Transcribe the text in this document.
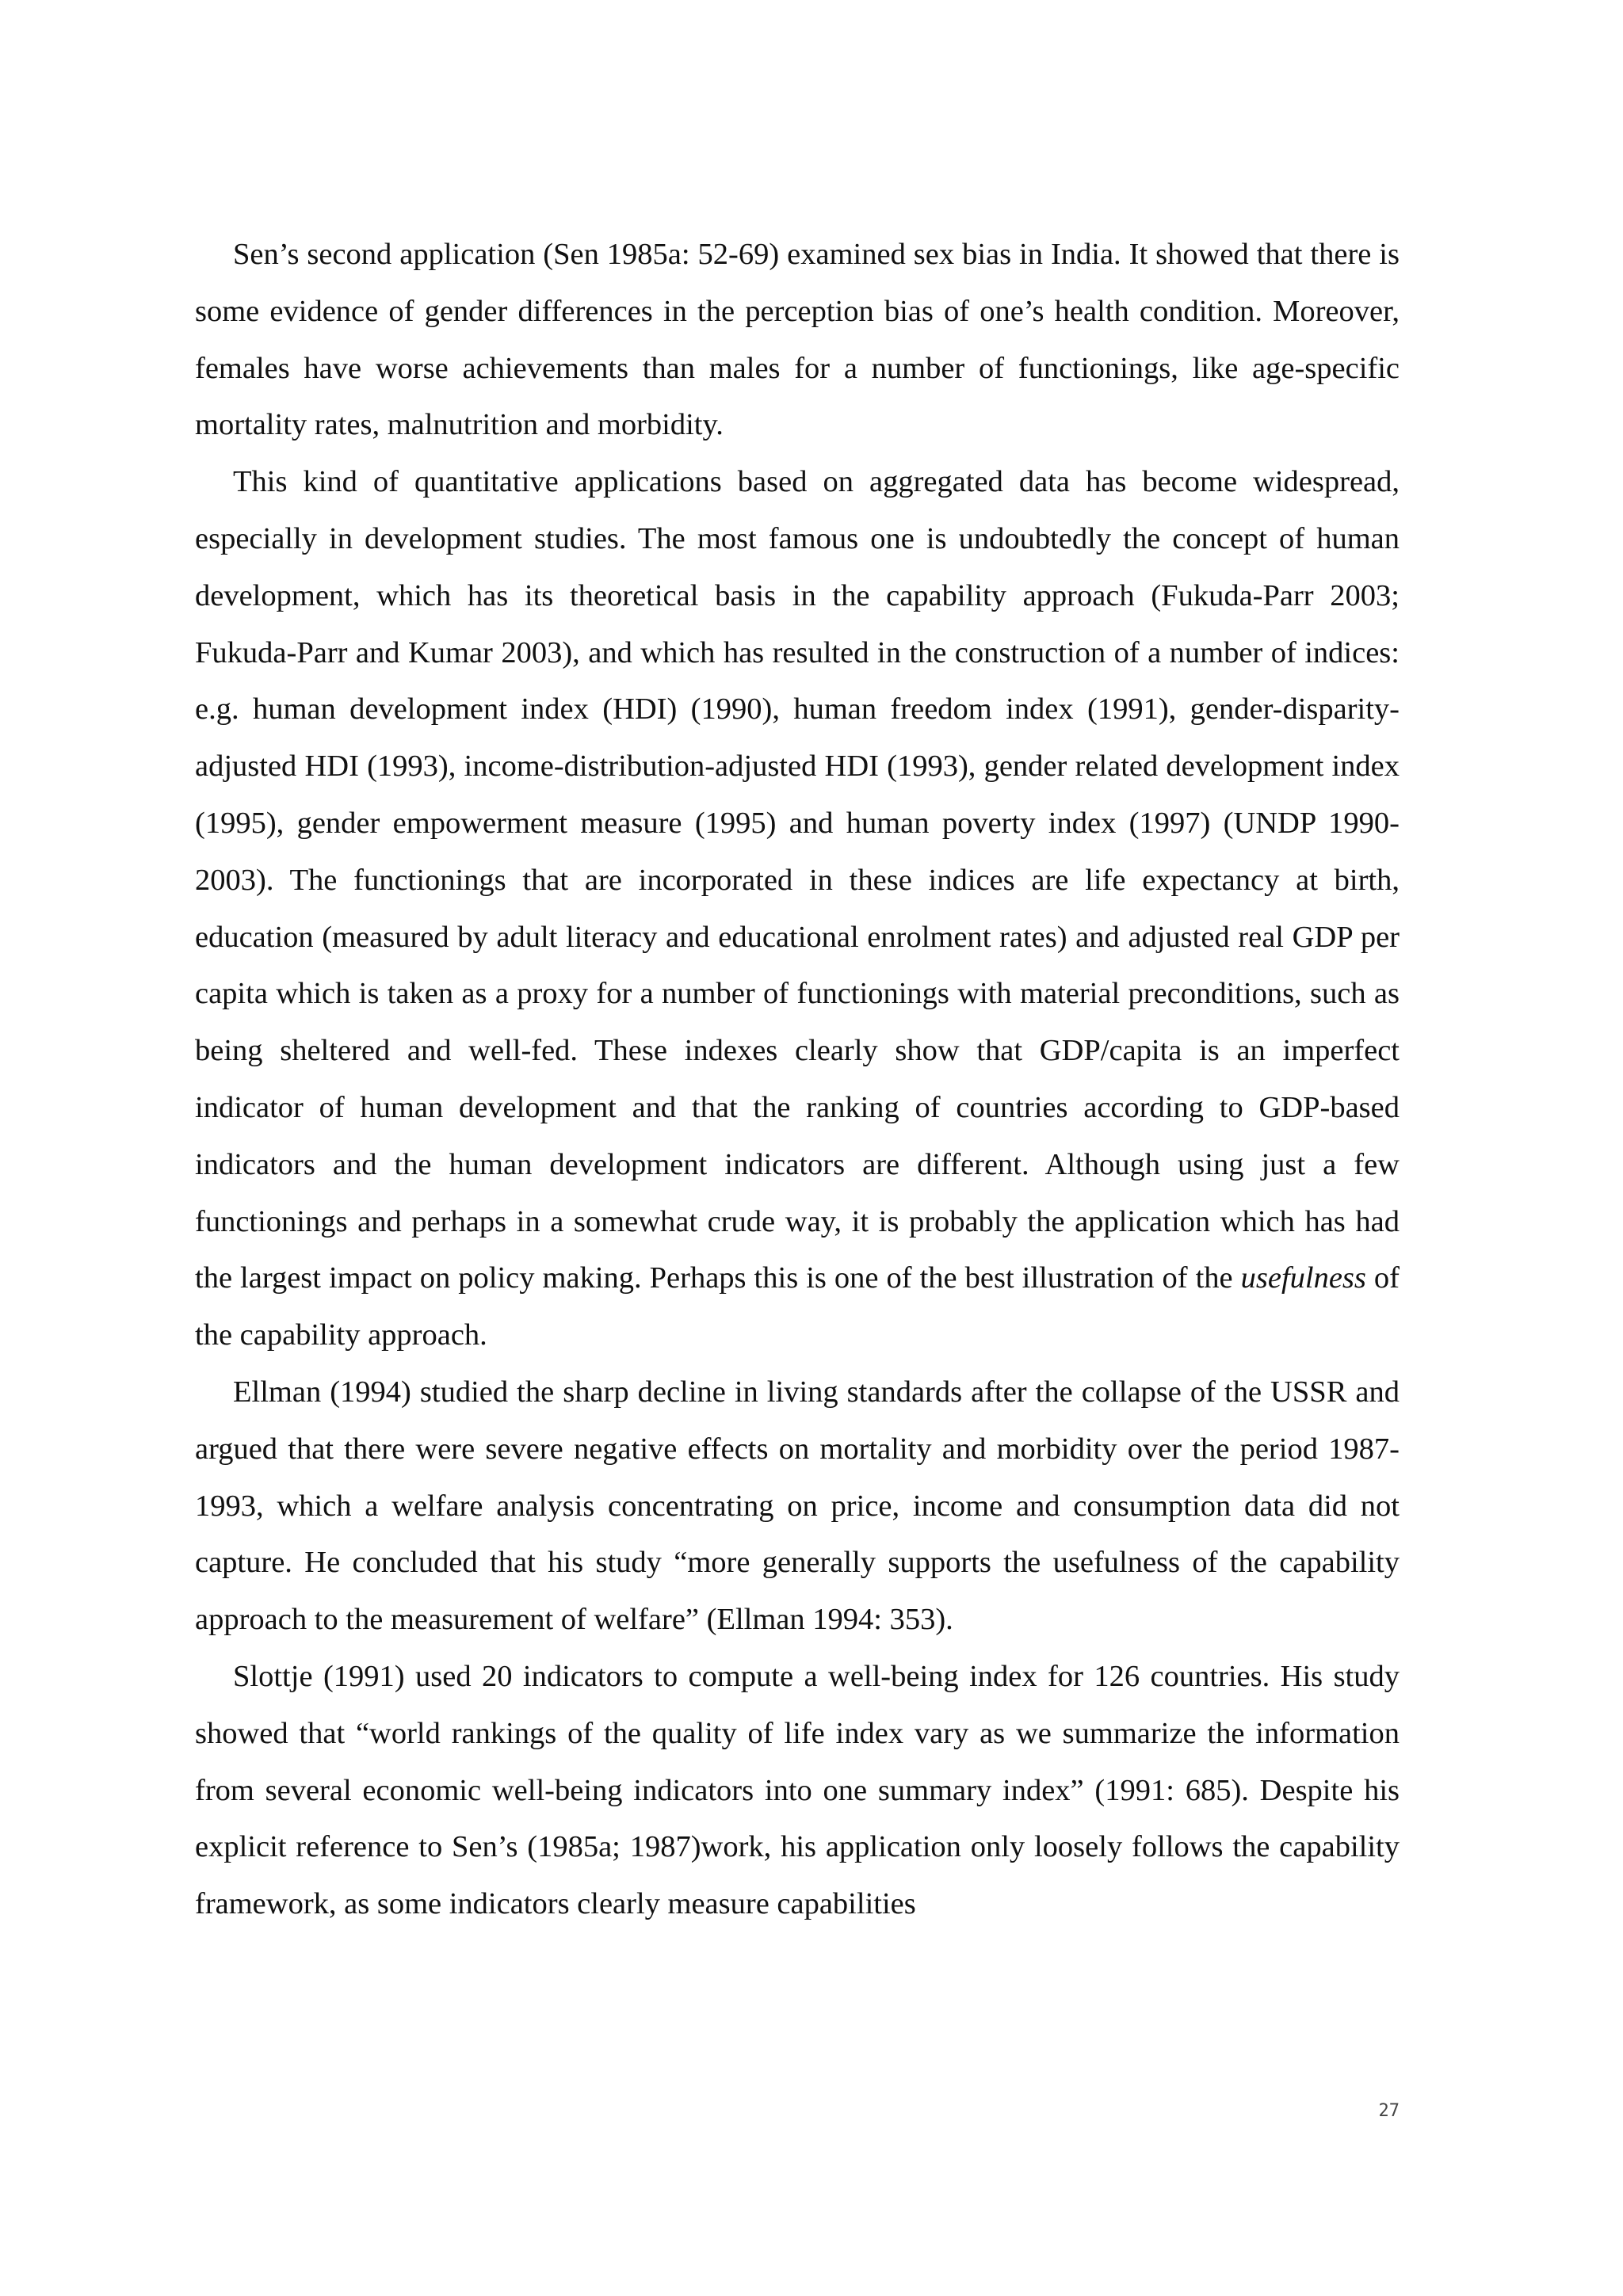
Sen’s second application (Sen 1985a: 52-69) examined sex bias in India. It showed that there is some evidence of gender differences in the perception bias of one’s health condition. Moreover, females have worse achievements than males for a number of functionings, like age-specific mortality rates, malnutrition and morbidity.

This kind of quantitative applications based on aggregated data has become widespread, especially in development studies. The most famous one is undoubtedly the concept of human development, which has its theoretical basis in the capability approach (Fukuda-Parr 2003; Fukuda-Parr and Kumar 2003), and which has resulted in the construction of a number of indices: e.g. human development index (HDI) (1990), human freedom index (1991), gender-disparity-adjusted HDI (1993), income-distribution-adjusted HDI (1993), gender related development index (1995), gender empowerment measure (1995) and human poverty index (1997) (UNDP 1990-2003). The functionings that are incorporated in these indices are life expectancy at birth, education (measured by adult literacy and educational enrolment rates) and adjusted real GDP per capita which is taken as a proxy for a number of functionings with material preconditions, such as being sheltered and well-fed. These indexes clearly show that GDP/capita is an imperfect indicator of human development and that the ranking of countries according to GDP-based indicators and the human development indicators are different. Although using just a few functionings and perhaps in a somewhat crude way, it is probably the application which has had the largest impact on policy making. Perhaps this is one of the best illustration of the usefulness of the capability approach.

Ellman (1994) studied the sharp decline in living standards after the collapse of the USSR and argued that there were severe negative effects on mortality and morbidity over the period 1987-1993, which a welfare analysis concentrating on price, income and consumption data did not capture. He concluded that his study “more generally supports the usefulness of the capability approach to the measurement of welfare” (Ellman 1994: 353).

Slottje (1991) used 20 indicators to compute a well-being index for 126 countries. His study showed that “world rankings of the quality of life index vary as we summarize the information from several economic well-being indicators into one summary index” (1991: 685). Despite his explicit reference to Sen’s (1985a; 1987)work, his application only loosely follows the capability framework, as some indicators clearly measure capabilities

27
